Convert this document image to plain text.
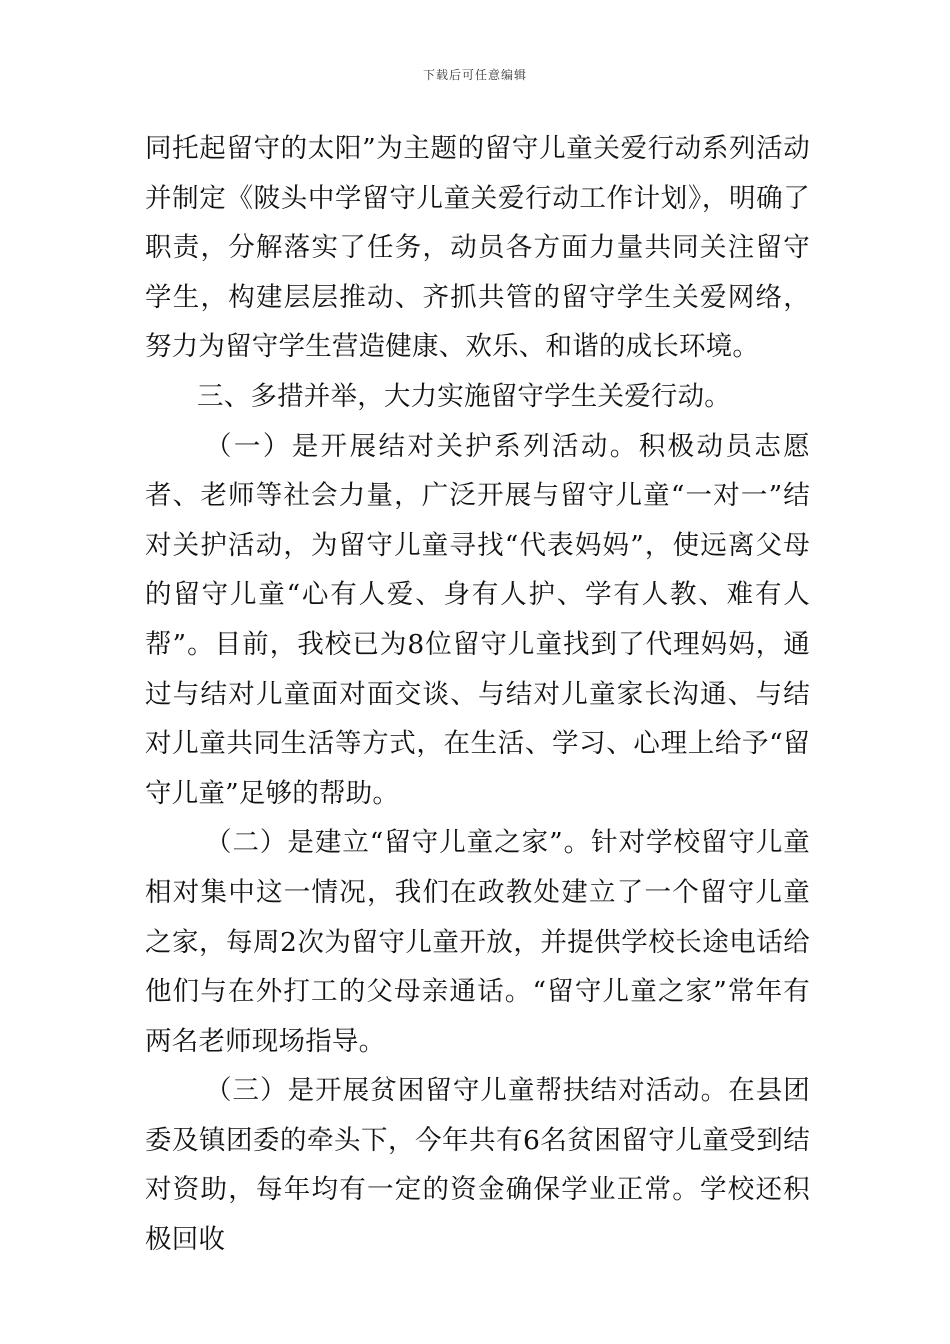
下载后可任意编辑

同托起留守的太阳”为主题的留守儿童关爱行动系列活动并制定《陂头中学留守儿童关爱行动工作计划》，明确了职责，分解落实了任务，动员各方面力量共同关注留守学生，构建层层推动、齐抓共管的留守学生关爱网络，努力为留守学生营造健康、欢乐、和谐的成长环境。

三、多措并举，大力实施留守学生关爱行动。

（一）是开展结对关护系列活动。积极动员志愿者、老师等社会力量，广泛开展与留守儿童“一对一”结对关护活动，为留守儿童寻找“代表妈妈”，使远离父母的留守儿童“心有人爱、身有人护、学有人教、难有人帮”。目前，我校已为8位留守儿童找到了代理妈妈，通过与结对儿童面对面交谈、与结对儿童家长沟通、与结对儿童共同生活等方式，在生活、学习、心理上给予“留守儿童”足够的帮助。

（二）是建立“留守儿童之家”。针对学校留守儿童相对集中这一情况，我们在政教处建立了一个留守儿童之家，每周2次为留守儿童开放，并提供学校长途电话给他们与在外打工的父母亲通话。“留守儿童之家”常年有两名老师现场指导。

（三）是开展贫困留守儿童帮扶结对活动。在县团委及镇团委的牵头下，今年共有6名贫困留守儿童受到结对资助，每年均有一定的资金确保学业正常。学校还积极回收
